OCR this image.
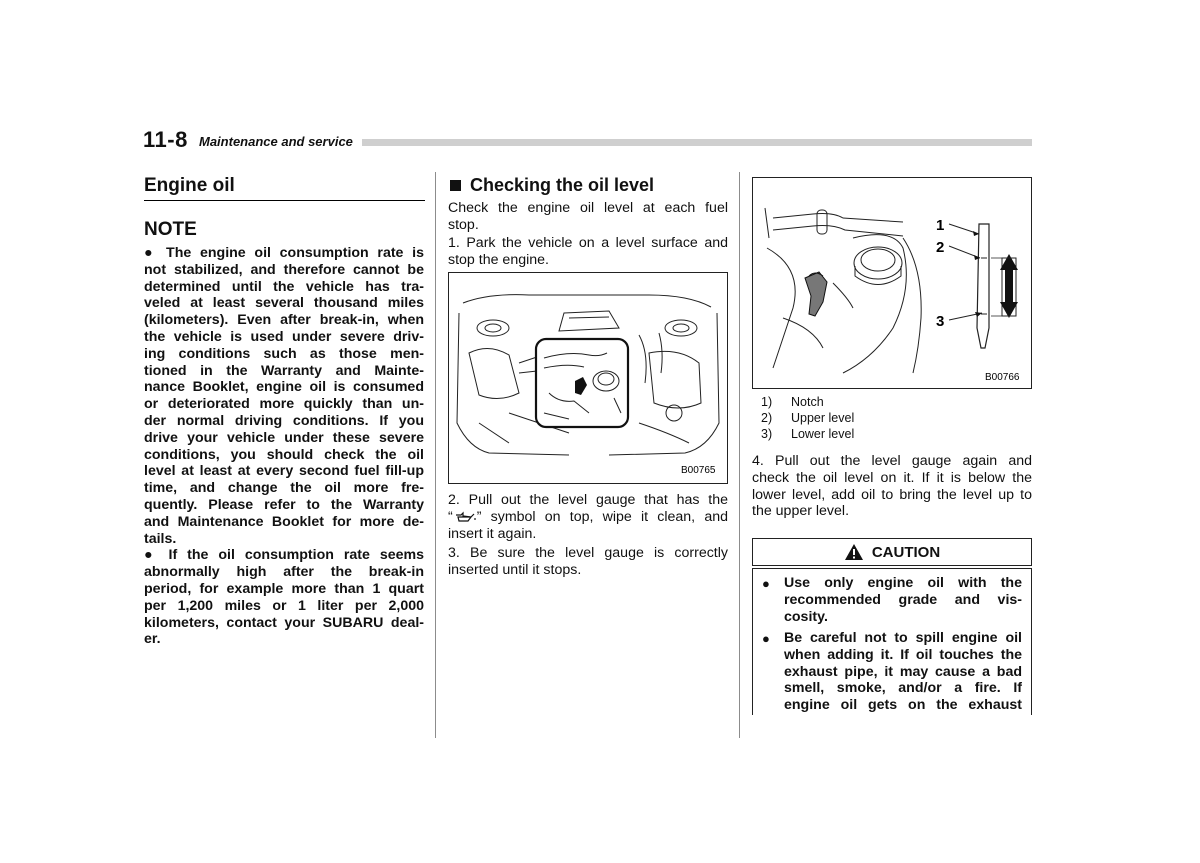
11-8 Maintenance and service
Engine oil
NOTE
● The engine oil consumption rate is
not stabilized, and therefore cannot be
determined until the vehicle has tra-
veled at least several thousand miles
(kilometers). Even after break-in, when
the vehicle is used under severe driv-
ing conditions such as those men-
tioned in the Warranty and Mainte-
nance Booklet, engine oil is consumed
or deteriorated more quickly than un-
der normal driving conditions. If you
drive your vehicle under these severe
conditions, you should check the oil
level at least at every second fuel fill-up
time, and change the oil more fre-
quently. Please refer to the Warranty
and Maintenance Booklet for more de-
tails.
● If the oil consumption rate seems
abnormally high after the break-in
period, for example more than 1 quart
per 1,200 miles or 1 liter per 2,000
kilometers, contact your SUBARU deal-
er.
Checking the oil level
Check the engine oil level at each fuel
stop.
1. Park the vehicle on a level surface and
stop the engine.
B00765
2. Pull out the level gauge that has the
“ ” symbol on top, wipe it clean, and
insert it again.
3. Be sure the level gauge is correctly
inserted until it stops.
1
2
3
B00766
1) Notch
2) Upper level
3) Lower level
4. Pull out the level gauge again and
check the oil level on it. If it is below the
lower level, add oil to bring the level up to
the upper level.
CAUTION
● Use only engine oil with the
recommended grade and vis-
cosity.
● Be careful not to spill engine oil
when adding it. If oil touches the
exhaust pipe, it may cause a bad
smell, smoke, and/or a fire. If
engine oil gets on the exhaust
